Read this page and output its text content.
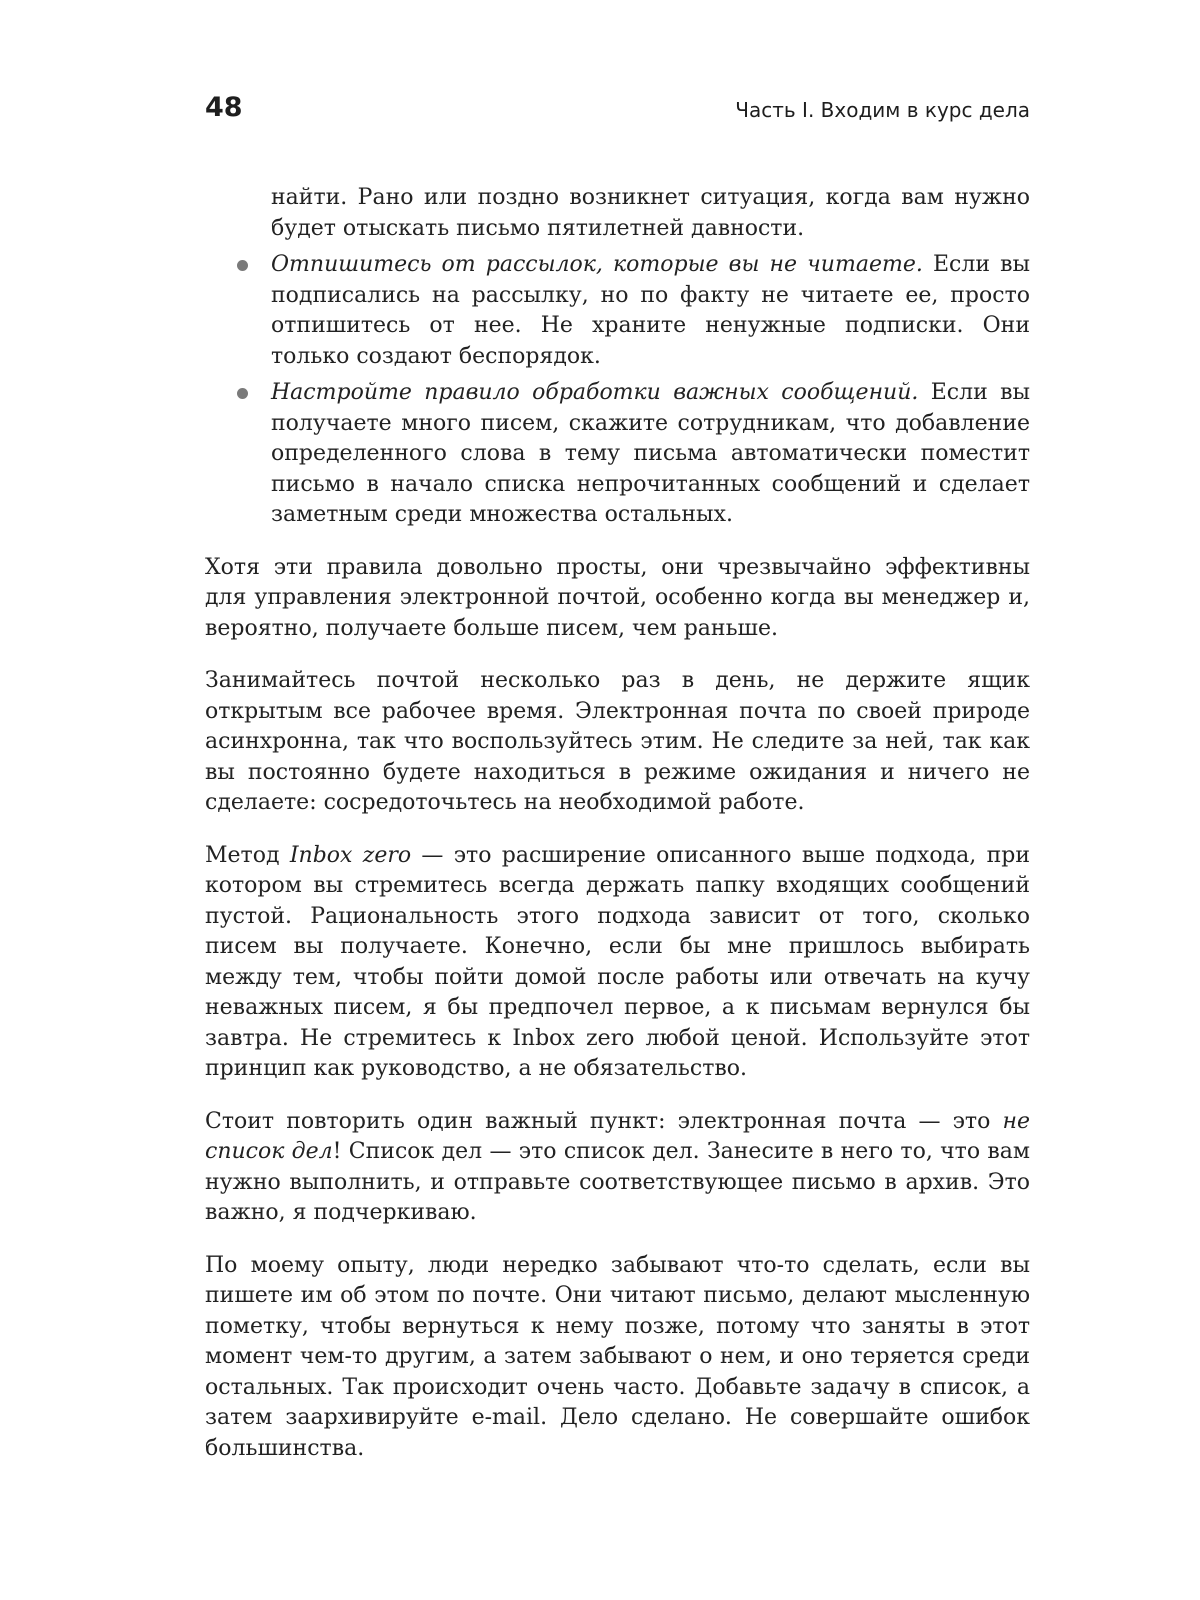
48	Часть I. Входим в курс дела

найти. Рано или поздно возникнет ситуация, когда вам нужно будет отыскать письмо пятилетней давности.

Отпишитесь от рассылок, которые вы не читаете. Если вы подписались на рассылку, но по факту не читаете ее, просто отпишитесь от нее. Не храните ненужные подписки. Они только создают беспорядок.

Настройте правило обработки важных сообщений. Если вы получаете много писем, скажите сотрудникам, что добавление определенного слова в тему письма автоматически поместит письмо в начало списка непрочитанных сообщений и сделает заметным среди множества остальных.

Хотя эти правила довольно просты, они чрезвычайно эффективны для управления электронной почтой, особенно когда вы менеджер и, вероятно, получаете больше писем, чем раньше.

Занимайтесь почтой несколько раз в день, не держите ящик открытым все рабочее время. Электронная почта по своей природе асинхронна, так что воспользуйтесь этим. Не следите за ней, так как вы постоянно будете находиться в режиме ожидания и ничего не сделаете: сосредоточьтесь на необходимой работе.

Метод Inbox zero — это расширение описанного выше подхода, при котором вы стремитесь всегда держать папку входящих сообщений пустой. Рациональность этого подхода зависит от того, сколько писем вы получаете. Конечно, если бы мне пришлось выбирать между тем, чтобы пойти домой после работы или отвечать на кучу неважных писем, я бы предпочел первое, а к письмам вернулся бы завтра. Не стремитесь к Inbox zero любой ценой. Используйте этот принцип как руководство, а не обязательство.

Стоит повторить один важный пункт: электронная почта — это не список дел! Список дел — это список дел. Занесите в него то, что вам нужно выполнить, и отправьте соответствующее письмо в архив. Это важно, я подчеркиваю.

По моему опыту, люди нередко забывают что-то сделать, если вы пишете им об этом по почте. Они читают письмо, делают мысленную пометку, чтобы вернуться к нему позже, потому что заняты в этот момент чем-то другим, а затем забывают о нем, и оно теряется среди остальных. Так происходит очень часто. Добавьте задачу в список, а затем заархивируйте e-mail. Дело сделано. Не совершайте ошибок большинства.
